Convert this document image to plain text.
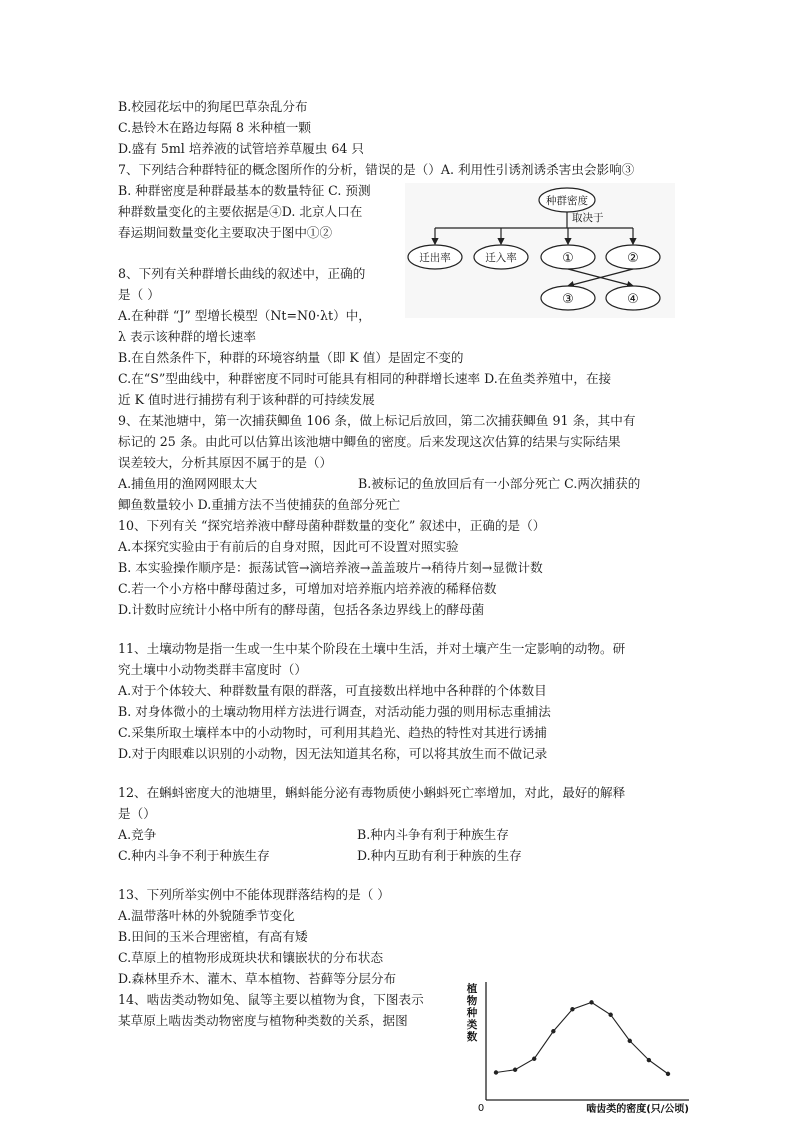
B.校园花坛中的狗尾巴草杂乱分布
C.悬铃木在路边每隔 8 米种植一颗
D.盛有 5ml 培养液的试管培养草履虫 64 只
7、下列结合种群特征的概念图所作的分析，错误的是（）A. 利用性引诱剂诱杀害虫会影响③
B. 种群密度是种群最基本的数量特征 C. 预测
种群数量变化的主要依据是④D. 北京人口在
春运期间数量变化主要取决于图中①②
种群密度
取决于
迁出率	迁入率	①	②
③	④
8、下列有关种群增长曲线的叙述中，正确的
是（ ）
A.在种群 “J” 型增长模型（Nt=N0·λt）中，
λ 表示该种群的增长速率
B.在自然条件下，种群的环境容纳量（即 K 值）是固定不变的
C.在“S”型曲线中，种群密度不同时可能具有相同的种群增长速率 D.在鱼类养殖中，在接
近 K 值时进行捕捞有利于该种群的可持续发展
9、在某池塘中，第一次捕获鲫鱼 106 条，做上标记后放回，第二次捕获鲫鱼 91 条，其中有
标记的 25 条。由此可以估算出该池塘中鲫鱼的密度。后来发现这次估算的结果与实际结果
误差较大，分析其原因不属于的是（）
A.捕鱼用的渔网网眼太大	B.被标记的鱼放回后有一小部分死亡 C.两次捕获的
鲫鱼数量较小 D.重捕方法不当使捕获的鱼部分死亡
10、下列有关 “探究培养液中酵母菌种群数量的变化” 叙述中，正确的是（）
A.本探究实验由于有前后的自身对照，因此可不设置对照实验
B. 本实验操作顺序是：振荡试管→滴培养液→盖盖玻片→稍待片刻→显微计数
C.若一个小方格中酵母菌过多，可增加对培养瓶内培养液的稀释倍数
D.计数时应统计小格中所有的酵母菌，包括各条边界线上的酵母菌
11、土壤动物是指一生或一生中某个阶段在土壤中生活，并对土壤产生一定影响的动物。研
究土壤中小动物类群丰富度时（）
A.对于个体较大、种群数量有限的群落，可直接数出样地中各种群的个体数目
B. 对身体微小的土壤动物用样方法进行调查，对活动能力强的则用标志重捕法
C.采集所取土壤样本中的小动物时，可利用其趋光、趋热的特性对其进行诱捕
D.对于肉眼难以识别的小动物，因无法知道其名称，可以将其放生而不做记录
12、在蝌蚪密度大的池塘里，蝌蚪能分泌有毒物质使小蝌蚪死亡率增加，对此，最好的解释
是（）
A.竞争	B.种内斗争有利于种族生存
C.种内斗争不利于种族生存	D.种内互助有利于种族的生存
13、下列所举实例中不能体现群落结构的是（ ）
A.温带落叶林的外貌随季节变化
B.田间的玉米合理密植，有高有矮
C.草原上的植物形成斑块状和镶嵌状的分布状态
D.森林里乔木、灌木、草本植物、苔藓等分层分布
14、啮齿类动物如兔、鼠等主要以植物为食，下图表示
某草原上啮齿类动物密度与植物种类数的关系，据图
植
物
种
类
数
0	啮齿类的密度(只/公顷)
